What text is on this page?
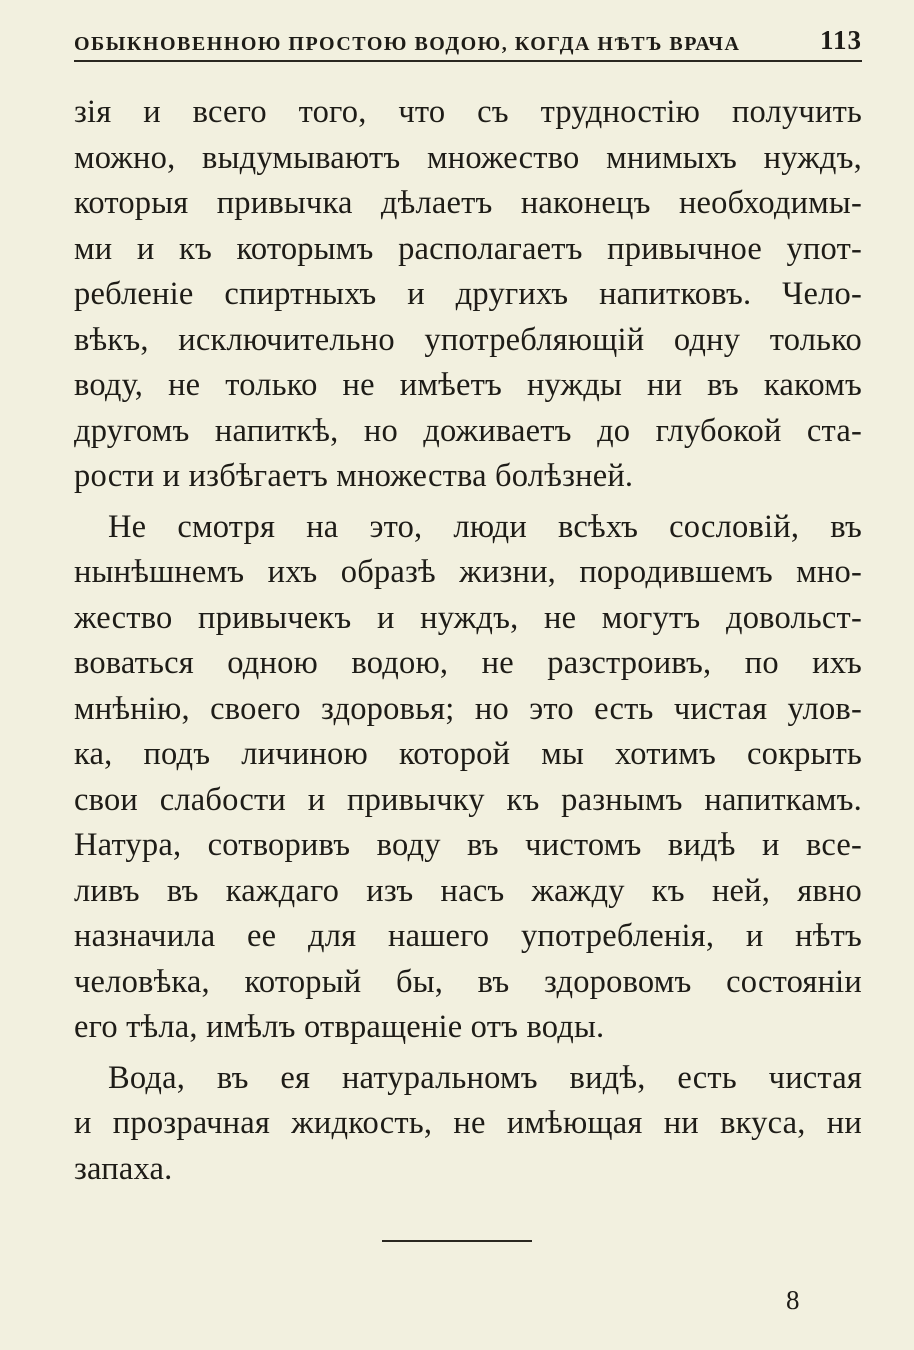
ОБЫКНОВЕННОЮ ПРОСТОЮ ВОДОЮ, КОГДА НѢТЪ ВРАЧА	113
зія и всего того, что съ трудностію получить
можно, выдумываютъ множество мнимыхъ нуждъ,
которыя привычка дѣлаетъ наконецъ необходимы-
ми и къ которымъ располагаетъ привычное упот-
ребленіе спиртныхъ и другихъ напитковъ. Чело-
вѣкъ, исключительно употребляющій одну только
воду, не только не имѣетъ нужды ни въ какомъ
другомъ напиткѣ, но доживаетъ до глубокой ста-
рости и избѣгаетъ множества болѣзней.
Не смотря на это, люди всѣхъ сословій, въ
нынѣшнемъ ихъ образѣ жизни, породившемъ мно-
жество привычекъ и нуждъ, не могутъ довольст-
воваться одною водою, не разстроивъ, по ихъ
мнѣнію, своего здоровья; но это есть чистая улов-
ка, подъ личиною которой мы хотимъ сокрыть
свои слабости и привычку къ разнымъ напиткамъ.
Натура, сотворивъ воду въ чистомъ видѣ и все-
ливъ въ каждаго изъ насъ жажду къ ней, явно
назначила ее для нашего употребленія, и нѣтъ
человѣка, который бы, въ здоровомъ состояніи
его тѣла, имѣлъ отвращеніе отъ воды.
Вода, въ ея натуральномъ видѣ, есть чистая
и прозрачная жидкость, не имѣющая ни вкуса, ни
запаха.
8
